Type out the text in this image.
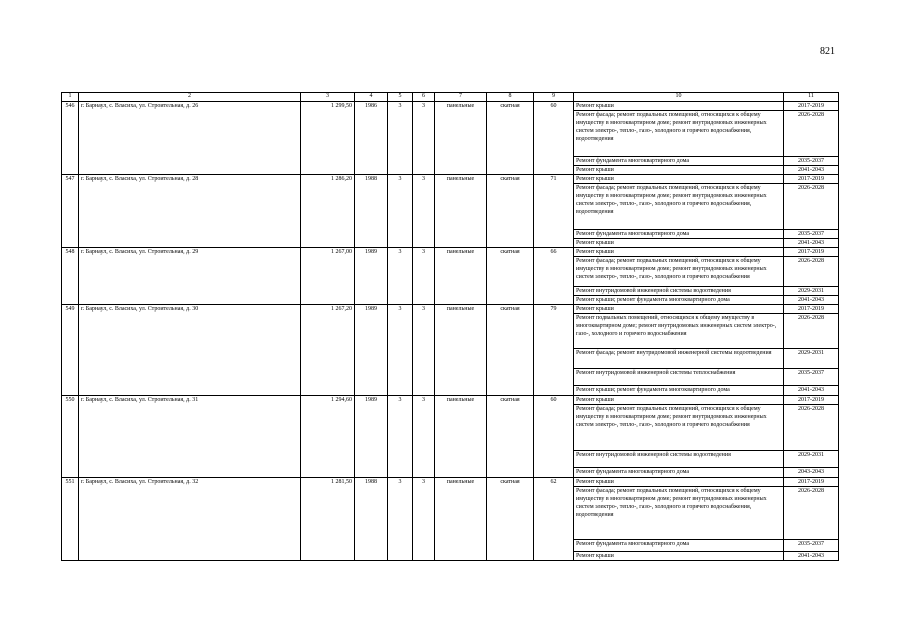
821
1	2	3	4	5	6	7	8	9	10	11
546	г. Барнаул, с. Власиха, ул. Строительная, д. 26	1 299,50	1986	3	3	панельные	скатная	60	Ремонт крыши	2017-2019
									Ремонт фасада; ремонт подвальных помещений, относящихся к общему имуществу в многоквартирном доме; ремонт внутридомовых инженерных систем электро-, тепло-, газо-, холодного и горячего водоснабжения, водоотведения	2026-2028
									Ремонт фундамента многоквартирного дома	2035-2037
									Ремонт крыши	2041-2043
547	г. Барнаул, с. Власиха, ул. Строительная, д. 28	1 286,20	1988	3	3	панельные	скатная	71	Ремонт крыши	2017-2019
									Ремонт фасада; ремонт подвальных помещений, относящихся к общему имуществу в многоквартирном доме; ремонт внутридомовых инженерных систем электро-, тепло-, газо-, холодного и горячего водоснабжения, водоотведения	2026-2028
									Ремонт фундамента многоквартирного дома	2035-2037
									Ремонт крыши	2041-2043
548	г. Барнаул, с. Власиха, ул. Строительная, д. 29	1 267,00	1989	3	3	панельные	скатная	66	Ремонт крыши	2017-2019
									Ремонт фасада; ремонт подвальных помещений, относящихся к общему имуществу в многоквартирном доме; ремонт внутридомовых инженерных систем электро-, тепло-, газо-, холодного и горячего водоснабжения	2026-2028
									Ремонт внутридомовой инженерной системы водоотведения	2029-2031
									Ремонт крыши; ремонт фундамента многоквартирного дома	2041-2043
549	г. Барнаул, с. Власиха, ул. Строительная, д. 30	1 267,20	1989	3	3	панельные	скатная	79	Ремонт крыши	2017-2019
									Ремонт подвальных помещений, относящихся к общему имуществу в многоквартирном доме; ремонт внутридомовых инженерных систем электро-, газо-, холодного и горячего водоснабжения	2026-2028
									Ремонт фасада; ремонт внутридомовой инженерной системы водоотведения	2029-2031
									Ремонт внутридомовой инженерной системы теплоснабжения	2035-2037
									Ремонт крыши; ремонт фундамента многоквартирного дома	2041-2043
550	г. Барнаул, с. Власиха, ул. Строительная, д. 31	1 294,60	1989	3	3	панельные	скатная	60	Ремонт крыши	2017-2019
									Ремонт фасада; ремонт подвальных помещений, относящихся к общему имуществу в многоквартирном доме; ремонт внутридомовых инженерных систем электро-, тепло-, газо-, холодного и горячего водоснабжения	2026-2028
									Ремонт внутридомовой инженерной системы водоотведения	2029-2031
									Ремонт фундамента многоквартирного дома	2043-2043
551	г. Барнаул, с. Власиха, ул. Строительная, д. 32	1 281,50	1988	3	3	панельные	скатная	62	Ремонт крыши	2017-2019
									Ремонт фасада; ремонт подвальных помещений, относящихся к общему имуществу в многоквартирном доме; ремонт внутридомовых инженерных систем электро-, тепло-, газо-, холодного и горячего водоснабжения, водоотведения	2026-2028
									Ремонт фундамента многоквартирного дома	2035-2037
									Ремонт крыши	2041-2043
